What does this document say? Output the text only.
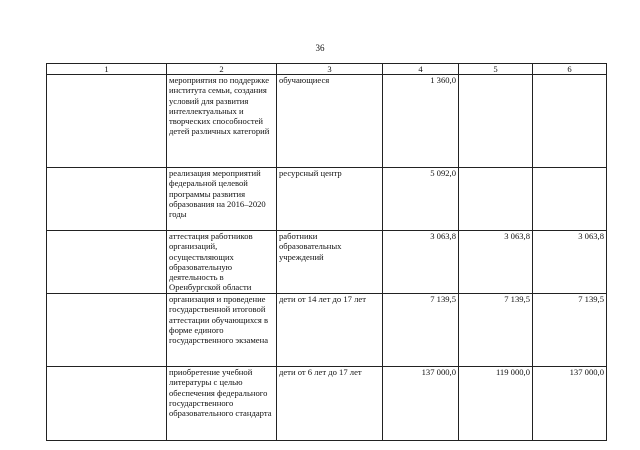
36
1	2	3	4	5	6
	мероприятия по поддержке института семьи, создания условий для развития интеллектуальных и творческих способностей детей различных категорий	обучающиеся	1 360,0		
	реализация мероприятий федеральной целевой программы развития образования на 2016–2020 годы	ресурсный центр	5 092,0		
	аттестация работников организаций, осуществляющих образовательную деятельность в Оренбургской области	работники образовательных учреждений	3 063,8	3 063,8	3 063,8
	организация и проведение государственной итоговой аттестации обучающихся в форме единого государственного экзамена	дети от 14 лет до 17 лет	7 139,5	7 139,5	7 139,5
	приобретение учебной литературы с целью обеспечения федерального государственного образовательного стандарта	дети от 6 лет до 17 лет	137 000,0	119 000,0	137 000,0
